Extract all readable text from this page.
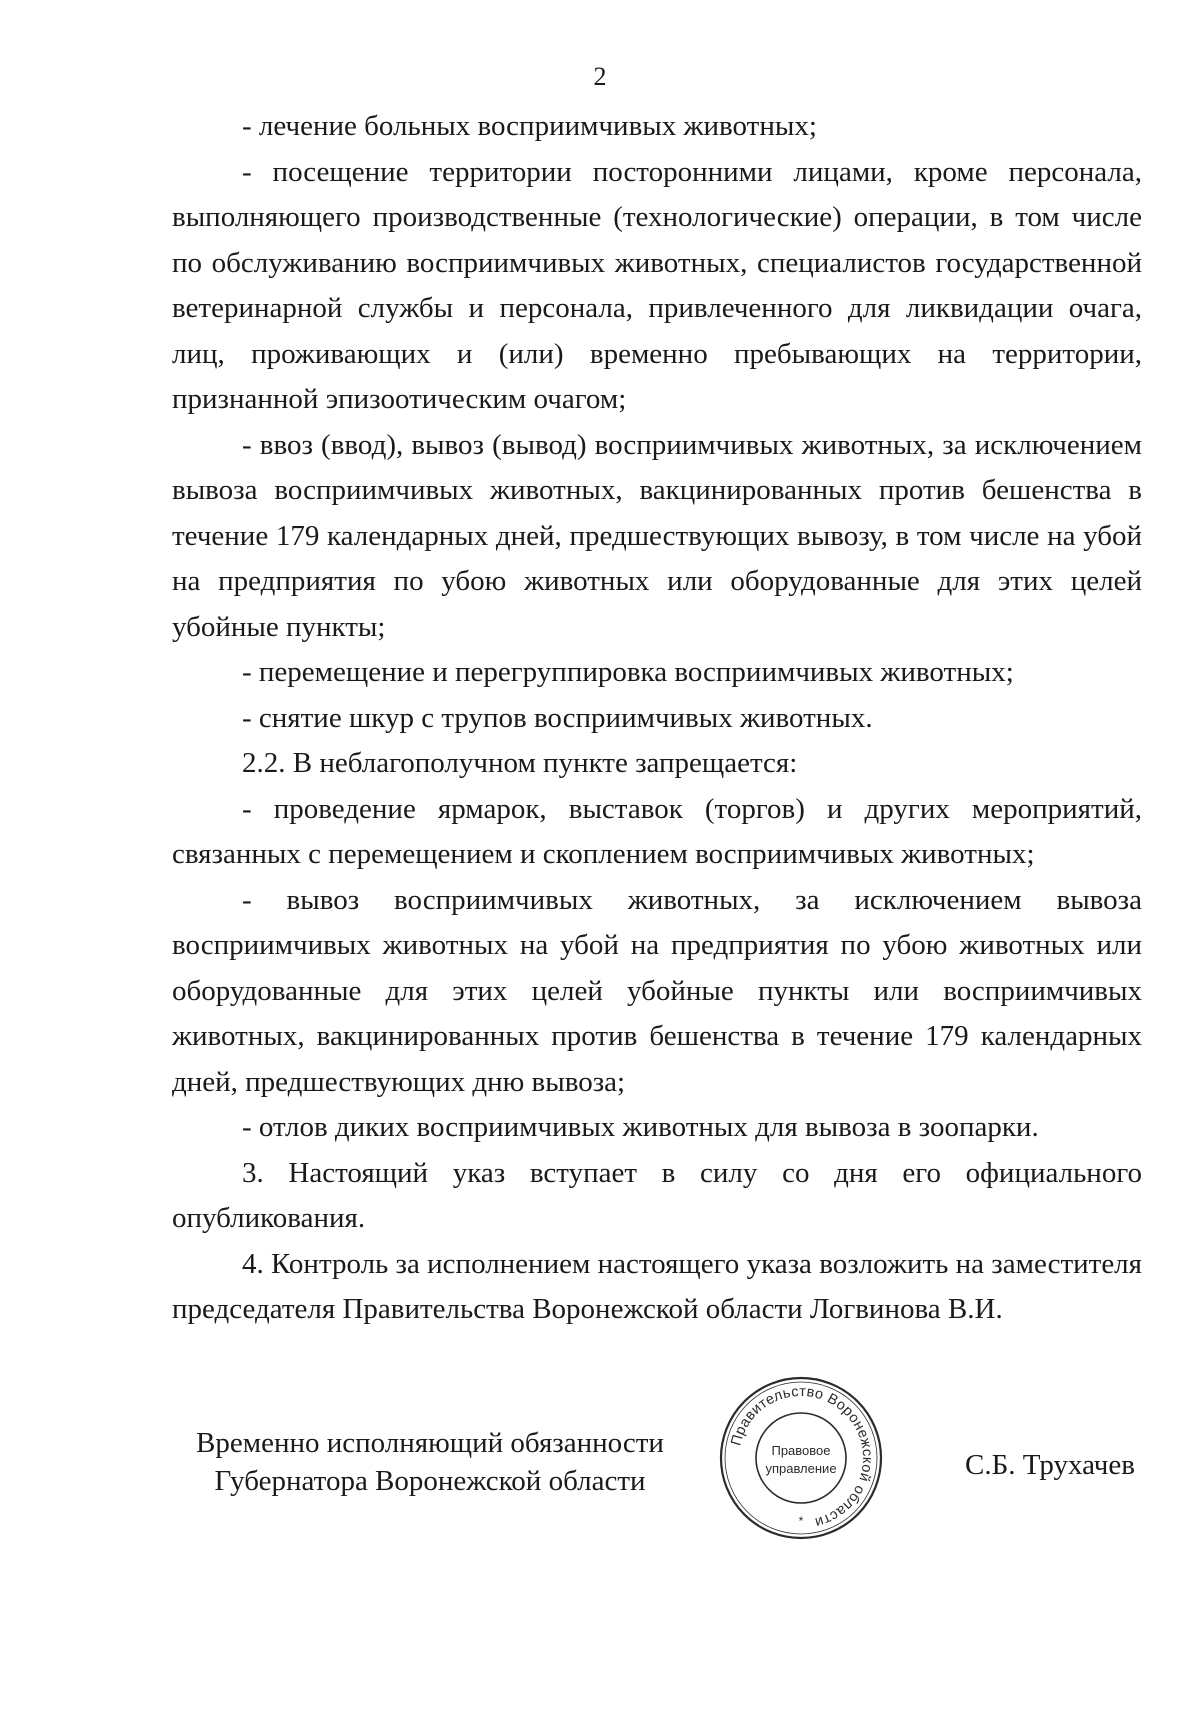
2

- лечение больных восприимчивых животных;

- посещение территории посторонними лицами, кроме персонала, выполняющего производственные (технологические) операции, в том числе по обслуживанию восприимчивых животных, специалистов государственной ветеринарной службы и персонала, привлеченного для ликвидации очага, лиц, проживающих и (или) временно пребывающих на территории, признанной эпизоотическим очагом;

- ввоз (ввод), вывоз (вывод) восприимчивых животных, за исключением вывоза восприимчивых животных, вакцинированных против бешенства в течение 179 календарных дней, предшествующих вывозу, в том числе на убой на предприятия по убою животных или оборудованные для этих целей убойные пункты;

- перемещение и перегруппировка восприимчивых животных;

- снятие шкур с трупов восприимчивых животных.

2.2. В неблагополучном пункте запрещается:

- проведение ярмарок, выставок (торгов) и других мероприятий, связанных с перемещением и скоплением восприимчивых животных;

- вывоз восприимчивых животных, за исключением вывоза восприимчивых животных на убой на предприятия по убою животных или оборудованные для этих целей убойные пункты или восприимчивых животных, вакцинированных против бешенства в течение 179 календарных дней, предшествующих дню вывоза;

- отлов диких восприимчивых животных для вывоза в зоопарки.

3. Настоящий указ вступает в силу со дня его официального опубликования.

4. Контроль за исполнением настоящего указа возложить на заместителя председателя Правительства Воронежской области Логвинова В.И.

Временно исполняющий обязанности
Губернатора Воронежской области
Правительство Воронежской области
Правовое
управление
*
С.Б. Трухачев
